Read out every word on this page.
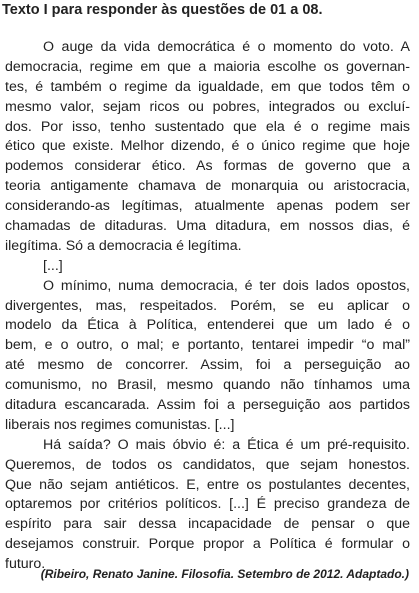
Texto I para responder às questões de 01 a 08.
O auge da vida democrática é o momento do voto. A
democracia, regime em que a maioria escolhe os governan-
tes, é também o regime da igualdade, em que todos têm o
mesmo valor, sejam ricos ou pobres, integrados ou excluí-
dos. Por isso, tenho sustentado que ela é o regime mais
ético que existe. Melhor dizendo, é o único regime que hoje
podemos considerar ético. As formas de governo que a
teoria antigamente chamava de monarquia ou aristocracia,
considerando-as legítimas, atualmente apenas podem ser
chamadas de ditaduras. Uma ditadura, em nossos dias, é
ilegítima. Só a democracia é legítima.
[...]
O mínimo, numa democracia, é ter dois lados opostos,
divergentes, mas, respeitados. Porém, se eu aplicar o
modelo da Ética à Política, entenderei que um lado é o
bem, e o outro, o mal; e portanto, tentarei impedir “o mal”
até mesmo de concorrer. Assim, foi a perseguição ao
comunismo, no Brasil, mesmo quando não tínhamos uma
ditadura escancarada. Assim foi a perseguição aos partidos
liberais nos regimes comunistas. [...]
Há saída? O mais óbvio é: a Ética é um pré-requisito.
Queremos, de todos os candidatos, que sejam honestos.
Que não sejam antiéticos. E, entre os postulantes decentes,
optaremos por critérios políticos. [...] É preciso grandeza de
espírito para sair dessa incapacidade de pensar o que
desejamos construir. Porque propor a Política é formular o
futuro.
(Ribeiro, Renato Janine. Filosofia. Setembro de 2012. Adaptado.)
